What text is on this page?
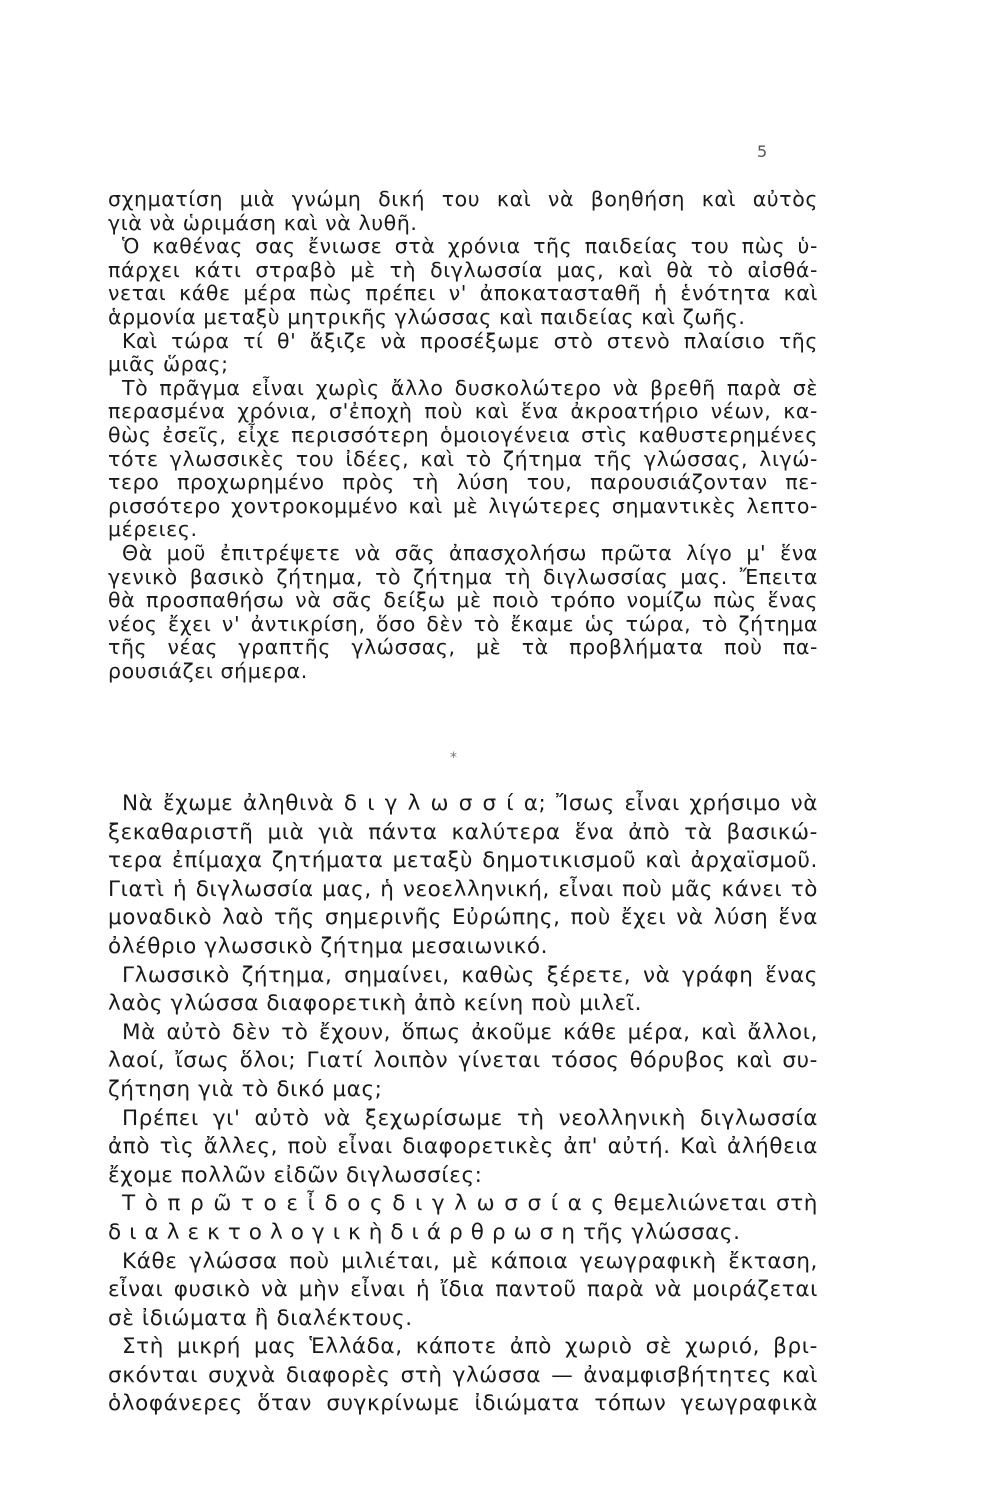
5
σχηματίση μιὰ γνώμη δική του καὶ νὰ βοηθήση καὶ αὐτὸς
γιὰ νὰ ὡριμάση καὶ νὰ λυθῆ.
Ὁ καθένας σας ἔνιωσε στὰ χρόνια τῆς παιδείας του πὼς ὑ-
πάρχει κάτι στραβὸ μὲ τὴ διγλωσσία μας, καὶ θὰ τὸ αἰσθά-
νεται κάθε μέρα πὼς πρέπει ν' ἀποκατασταθῆ ἡ ἑνότητα καὶ
ἁρμονία μεταξὺ μητρικῆς γλώσσας καὶ παιδείας καὶ ζωῆς.
Καὶ τώρα τί θ' ἄξιζε νὰ προσέξωμε στὸ στενὸ πλαίσιο τῆς
μιᾶς ὥρας;
Τὸ πρᾶγμα εἶναι χωρὶς ἄλλο δυσκολώτερο νὰ βρεθῆ παρὰ σὲ
περασμένα χρόνια, σ'ἐποχὴ ποὺ καὶ ἕνα ἀκροατήριο νέων, κα-
θὼς ἐσεῖς, εἶχε περισσότερη ὁμοιογένεια στὶς καθυστερημένες
τότε γλωσσικὲς του ἰδέες, καὶ τὸ ζήτημα τῆς γλώσσας, λιγώ-
τερο προχωρημένο πρὸς τὴ λύση του, παρουσιάζονταν πε-
ρισσότερο χοντροκομμένο καὶ μὲ λιγώτερες σημαντικὲς λεπτο-
μέρειες.
Θὰ μοῦ ἐπιτρέψετε νὰ σᾶς ἀπασχολήσω πρῶτα λίγο μ' ἕνα
γενικὸ βασικὸ ζήτημα, τὸ ζήτημα τὴ διγλωσσίας μας. Ἔπειτα
θὰ προσπαθήσω νὰ σᾶς δείξω μὲ ποιὸ τρόπο νομίζω πὼς ἕνας
νέος ἔχει ν' ἀντικρίση, ὅσο δὲν τὸ ἔκαμε ὡς τώρα, τὸ ζήτημα
τῆς νέας γραπτῆς γλώσσας, μὲ τὰ προβλήματα ποὺ πα-
ρουσιάζει σήμερα.
*
Νὰ ἔχωμε ἀληθινὰ δ ι γ λ ω σ σ ί α; Ἴσως εἶναι χρήσιμο νὰ
ξεκαθαριστῆ μιὰ γιὰ πάντα καλύτερα ἕνα ἀπὸ τὰ βασικώ-
τερα ἐπίμαχα ζητήματα μεταξὺ δημοτικισμοῦ καὶ ἀρχαϊσμοῦ.
Γιατὶ ἡ διγλωσσία μας, ἡ νεοελληνική, εἶναι ποὺ μᾶς κάνει τὸ
μοναδικὸ λαὸ τῆς σημερινῆς Εὐρώπης, ποὺ ἔχει νὰ λύση ἕνα
ὀλέθριο γλωσσικὸ ζήτημα μεσαιωνικό.
Γλωσσικὸ ζήτημα, σημαίνει, καθὼς ξέρετε, νὰ γράφη ἕνας
λαὸς γλώσσα διαφορετικὴ ἀπὸ κείνη ποὺ μιλεῖ.
Μὰ αὐτὸ δὲν τὸ ἔχουν, ὅπως ἀκοῦμε κάθε μέρα, καὶ ἄλλοι,
λαοί, ἴσως ὅλοι; Γιατί λοιπὸν γίνεται τόσος θόρυβος καὶ συ-
ζήτηση γιὰ τὸ δικό μας;
Πρέπει γι' αὐτὸ νὰ ξεχωρίσωμε τὴ νεολληνικὴ διγλωσσία
ἀπὸ τὶς ἄλλες, ποὺ εἶναι διαφορετικὲς ἀπ' αὐτή. Καὶ ἀλήθεια
ἔχομε πολλῶν εἰδῶν διγλωσσίες:
Τ ὸ π ρ ῶ τ ο ε ἶ δ ο ς δ ι γ λ ω σ σ ί α ς θεμελιώνεται στὴ
δ ι α λ ε κ τ ο λ ο γ ι κ ὴ δ ι ά ρ θ ρ ω σ η τῆς γλώσσας.
Κάθε γλώσσα ποὺ μιλιέται, μὲ κάποια γεωγραφικὴ ἔκταση,
εἶναι φυσικὸ νὰ μὴν εἶναι ἡ ἴδια παντοῦ παρὰ νὰ μοιράζεται
σὲ ἰδιώματα ἢ διαλέκτους.
Στὴ μικρή μας Ἑλλάδα, κάποτε ἀπὸ χωριὸ σὲ χωριό, βρι-
σκόνται συχνὰ διαφορὲς στὴ γλώσσα — ἀναμφισβήτητες καὶ
ὁλοφάνερες ὅταν συγκρίνωμε ἰδιώματα τόπων γεωγραφικὰ
